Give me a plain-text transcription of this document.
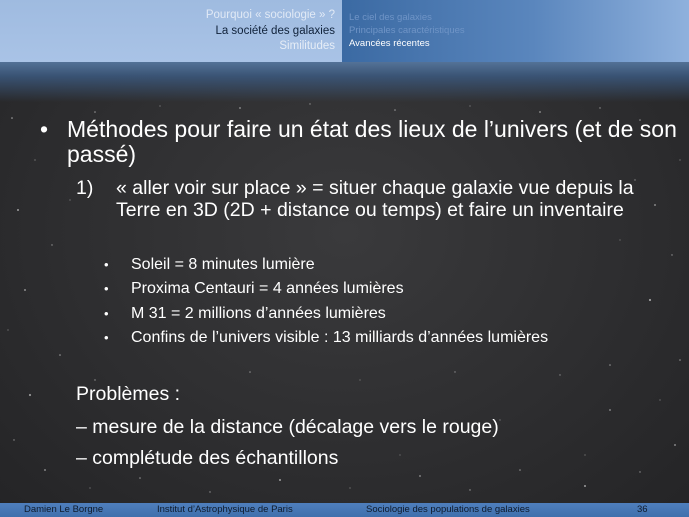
Pourquoi « sociologie » ?
La société des galaxies
Similitudes
Le ciel des galaxies
Principales caractéristiques
Avancées récentes
• Méthodes pour faire un état des lieux de l’univers (et de son passé)
1) « aller voir sur place » = situer chaque galaxie vue depuis la Terre en 3D (2D + distance ou temps) et faire un inventaire
• Soleil = 8 minutes lumière
• Proxima Centauri = 4 années lumières
• M 31 = 2 millions d’années lumières
• Confins de l’univers visible : 13 milliards d’années lumières
Problèmes :
– mesure de la distance (décalage vers le rouge)
– complétude des échantillons
Damien Le Borgne	Institut d’Astrophysique de Paris	Sociologie des populations de galaxies	36
